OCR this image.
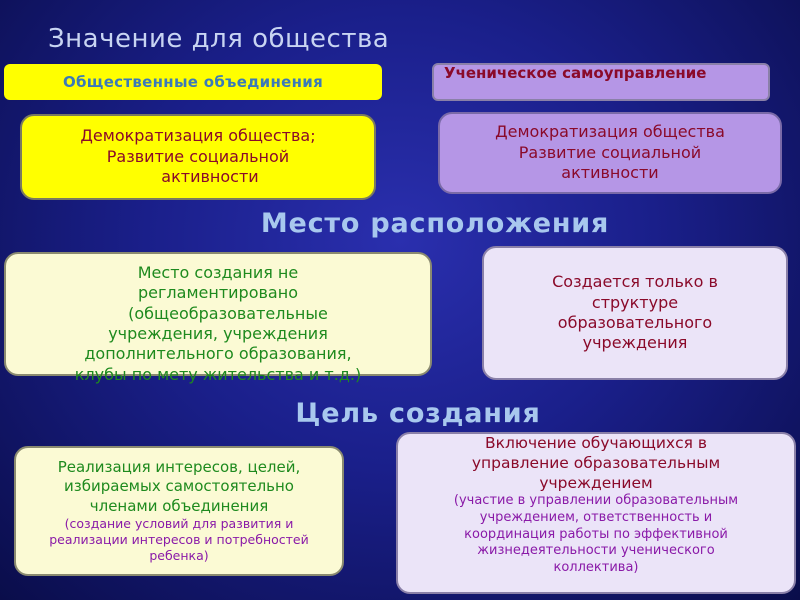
Значение для общества
Общественные объединения	Ученическое самоуправление
Демократизация общества;
Развитие социальной
активности
Демократизация общества
Развитие социальной
активности
Место расположения
Место создания не
регламентировано
(общеобразовательные
учреждения, учреждения
дополнительного образования,
клубы по мету жительства и т.д.)
Создается только в
структуре
образовательного
учреждения
Цель создания
Реализация интересов, целей,
избираемых самостоятельно
членами объединения
(создание условий для развития и
реализации интересов и потребностей
ребенка)
Включение обучающихся в
управление образовательным
учреждением
(участие в управлении образовательным
учреждением, ответственность и
координация работы по эффективной
жизнедеятельности ученического
коллектива)
